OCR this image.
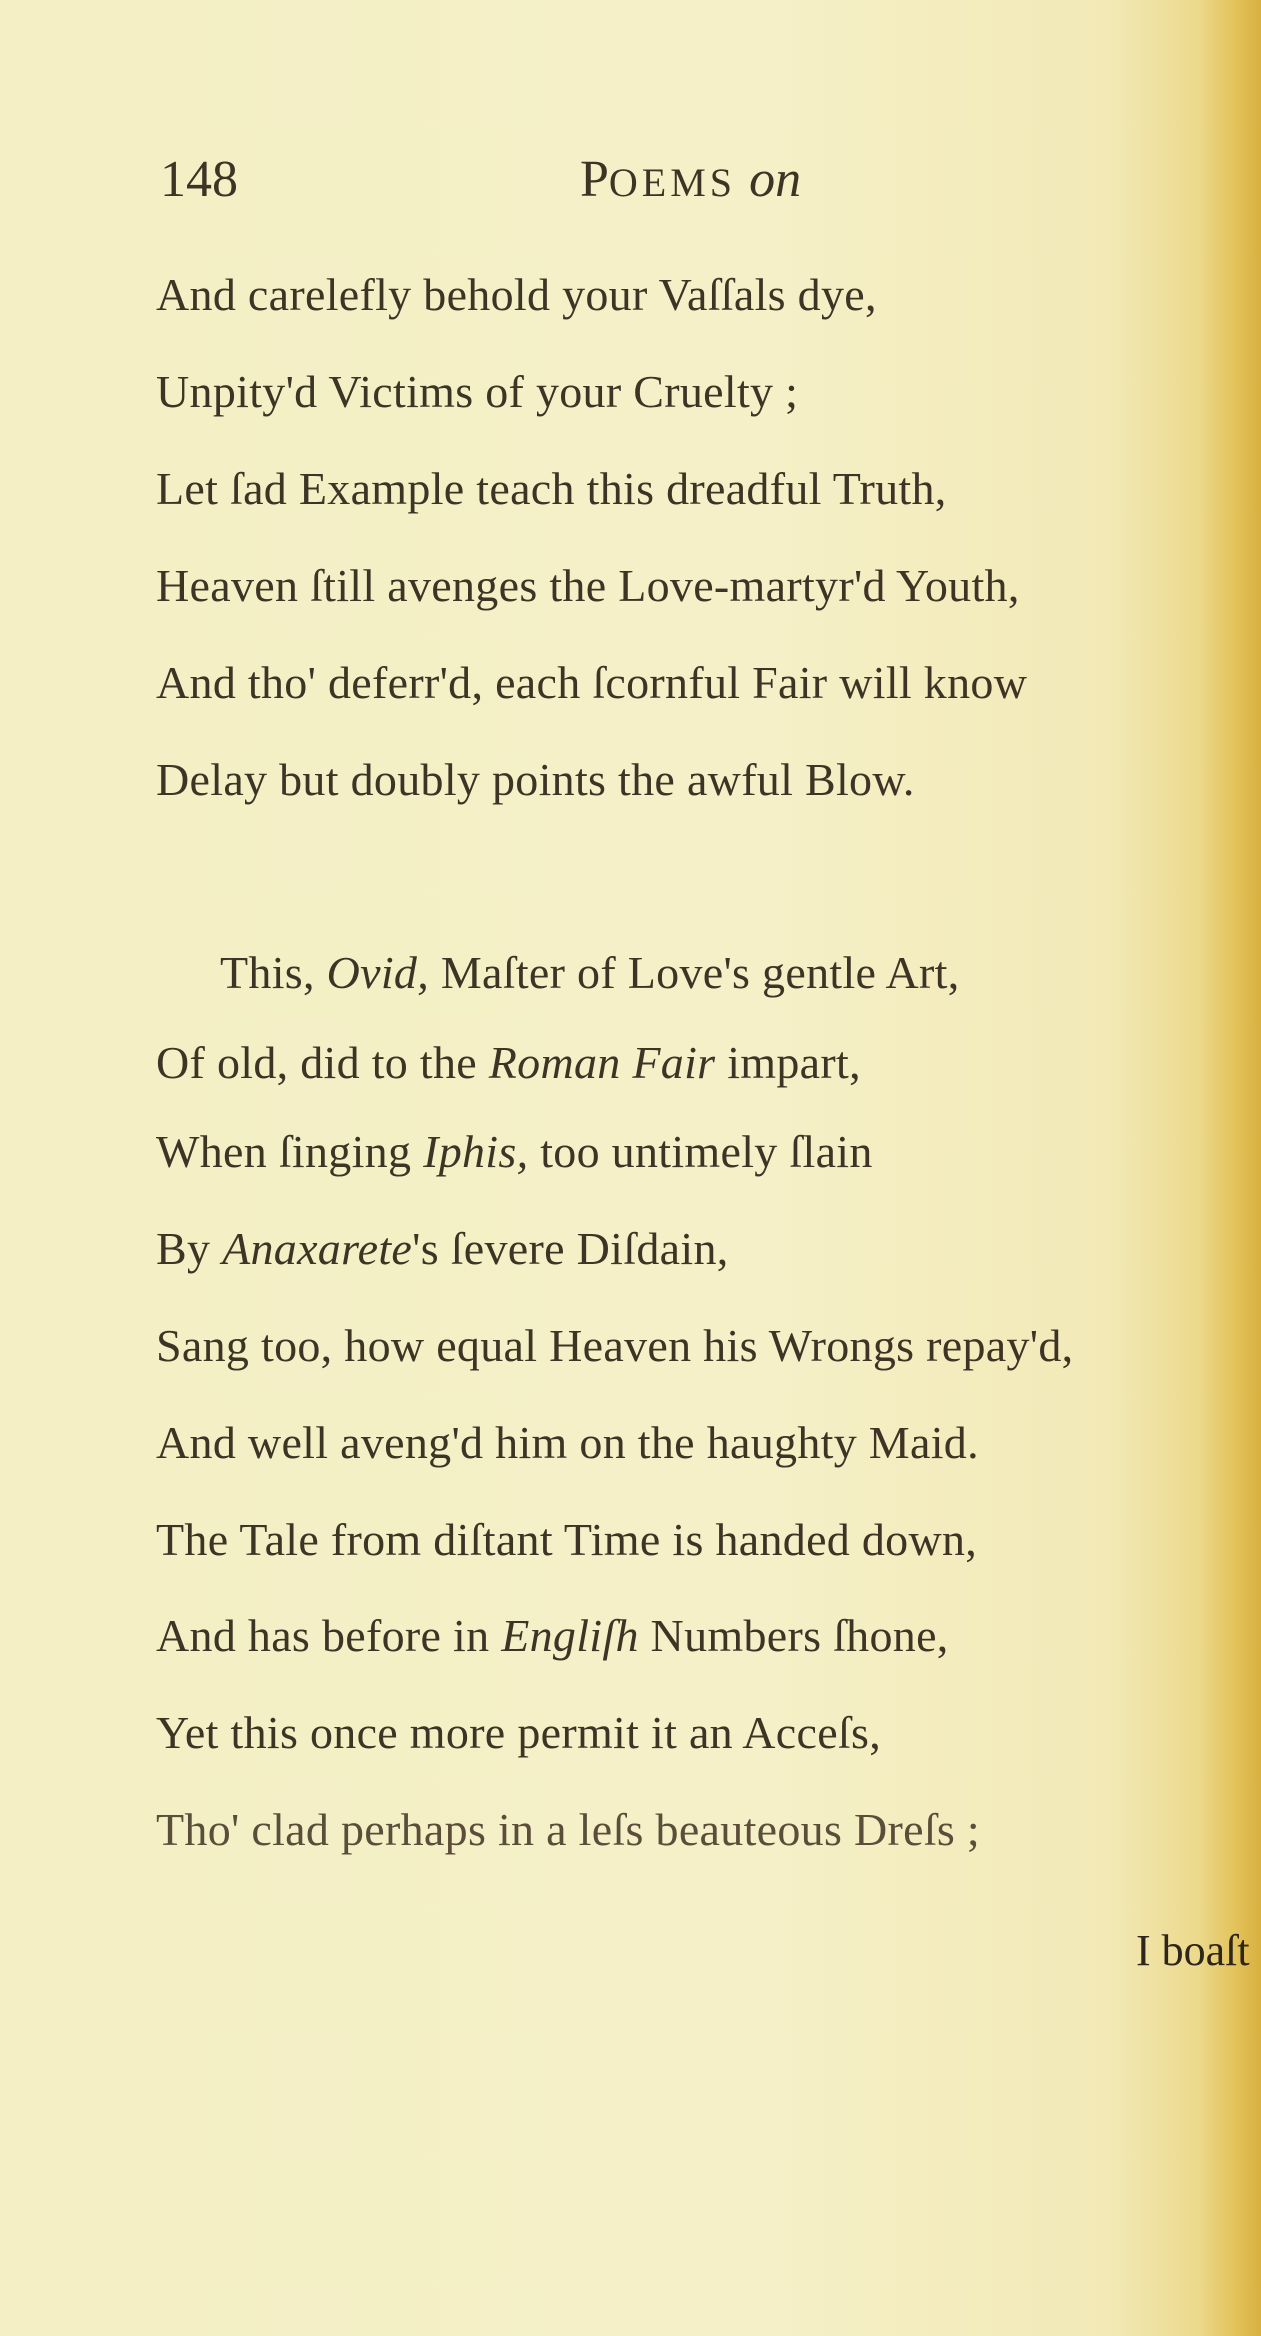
148	POEMS on
And carelefly behold your Vaſſals dye,
Unpity'd Victims of your Cruelty ;
Let ſad Example teach this dreadful Truth,
Heaven ſtill avenges the Love-martyr'd Youth,
And tho' deferr'd, each ſcornful Fair will know
Delay but doubly points the awful Blow.
This, Ovid, Maſter of Love's gentle Art,
Of old, did to the Roman Fair impart,
When ſinging Iphis, too untimely ſlain
By Anaxarete's ſevere Diſdain,
Sang too, how equal Heaven his Wrongs repay'd,
And well aveng'd him on the haughty Maid.
The Tale from diſtant Time is handed down,
And has before in Engliſh Numbers ſhone,
Yet this once more permit it an Acceſs,
Tho' clad perhaps in a leſs beauteous Dreſs ;
I boaſt
